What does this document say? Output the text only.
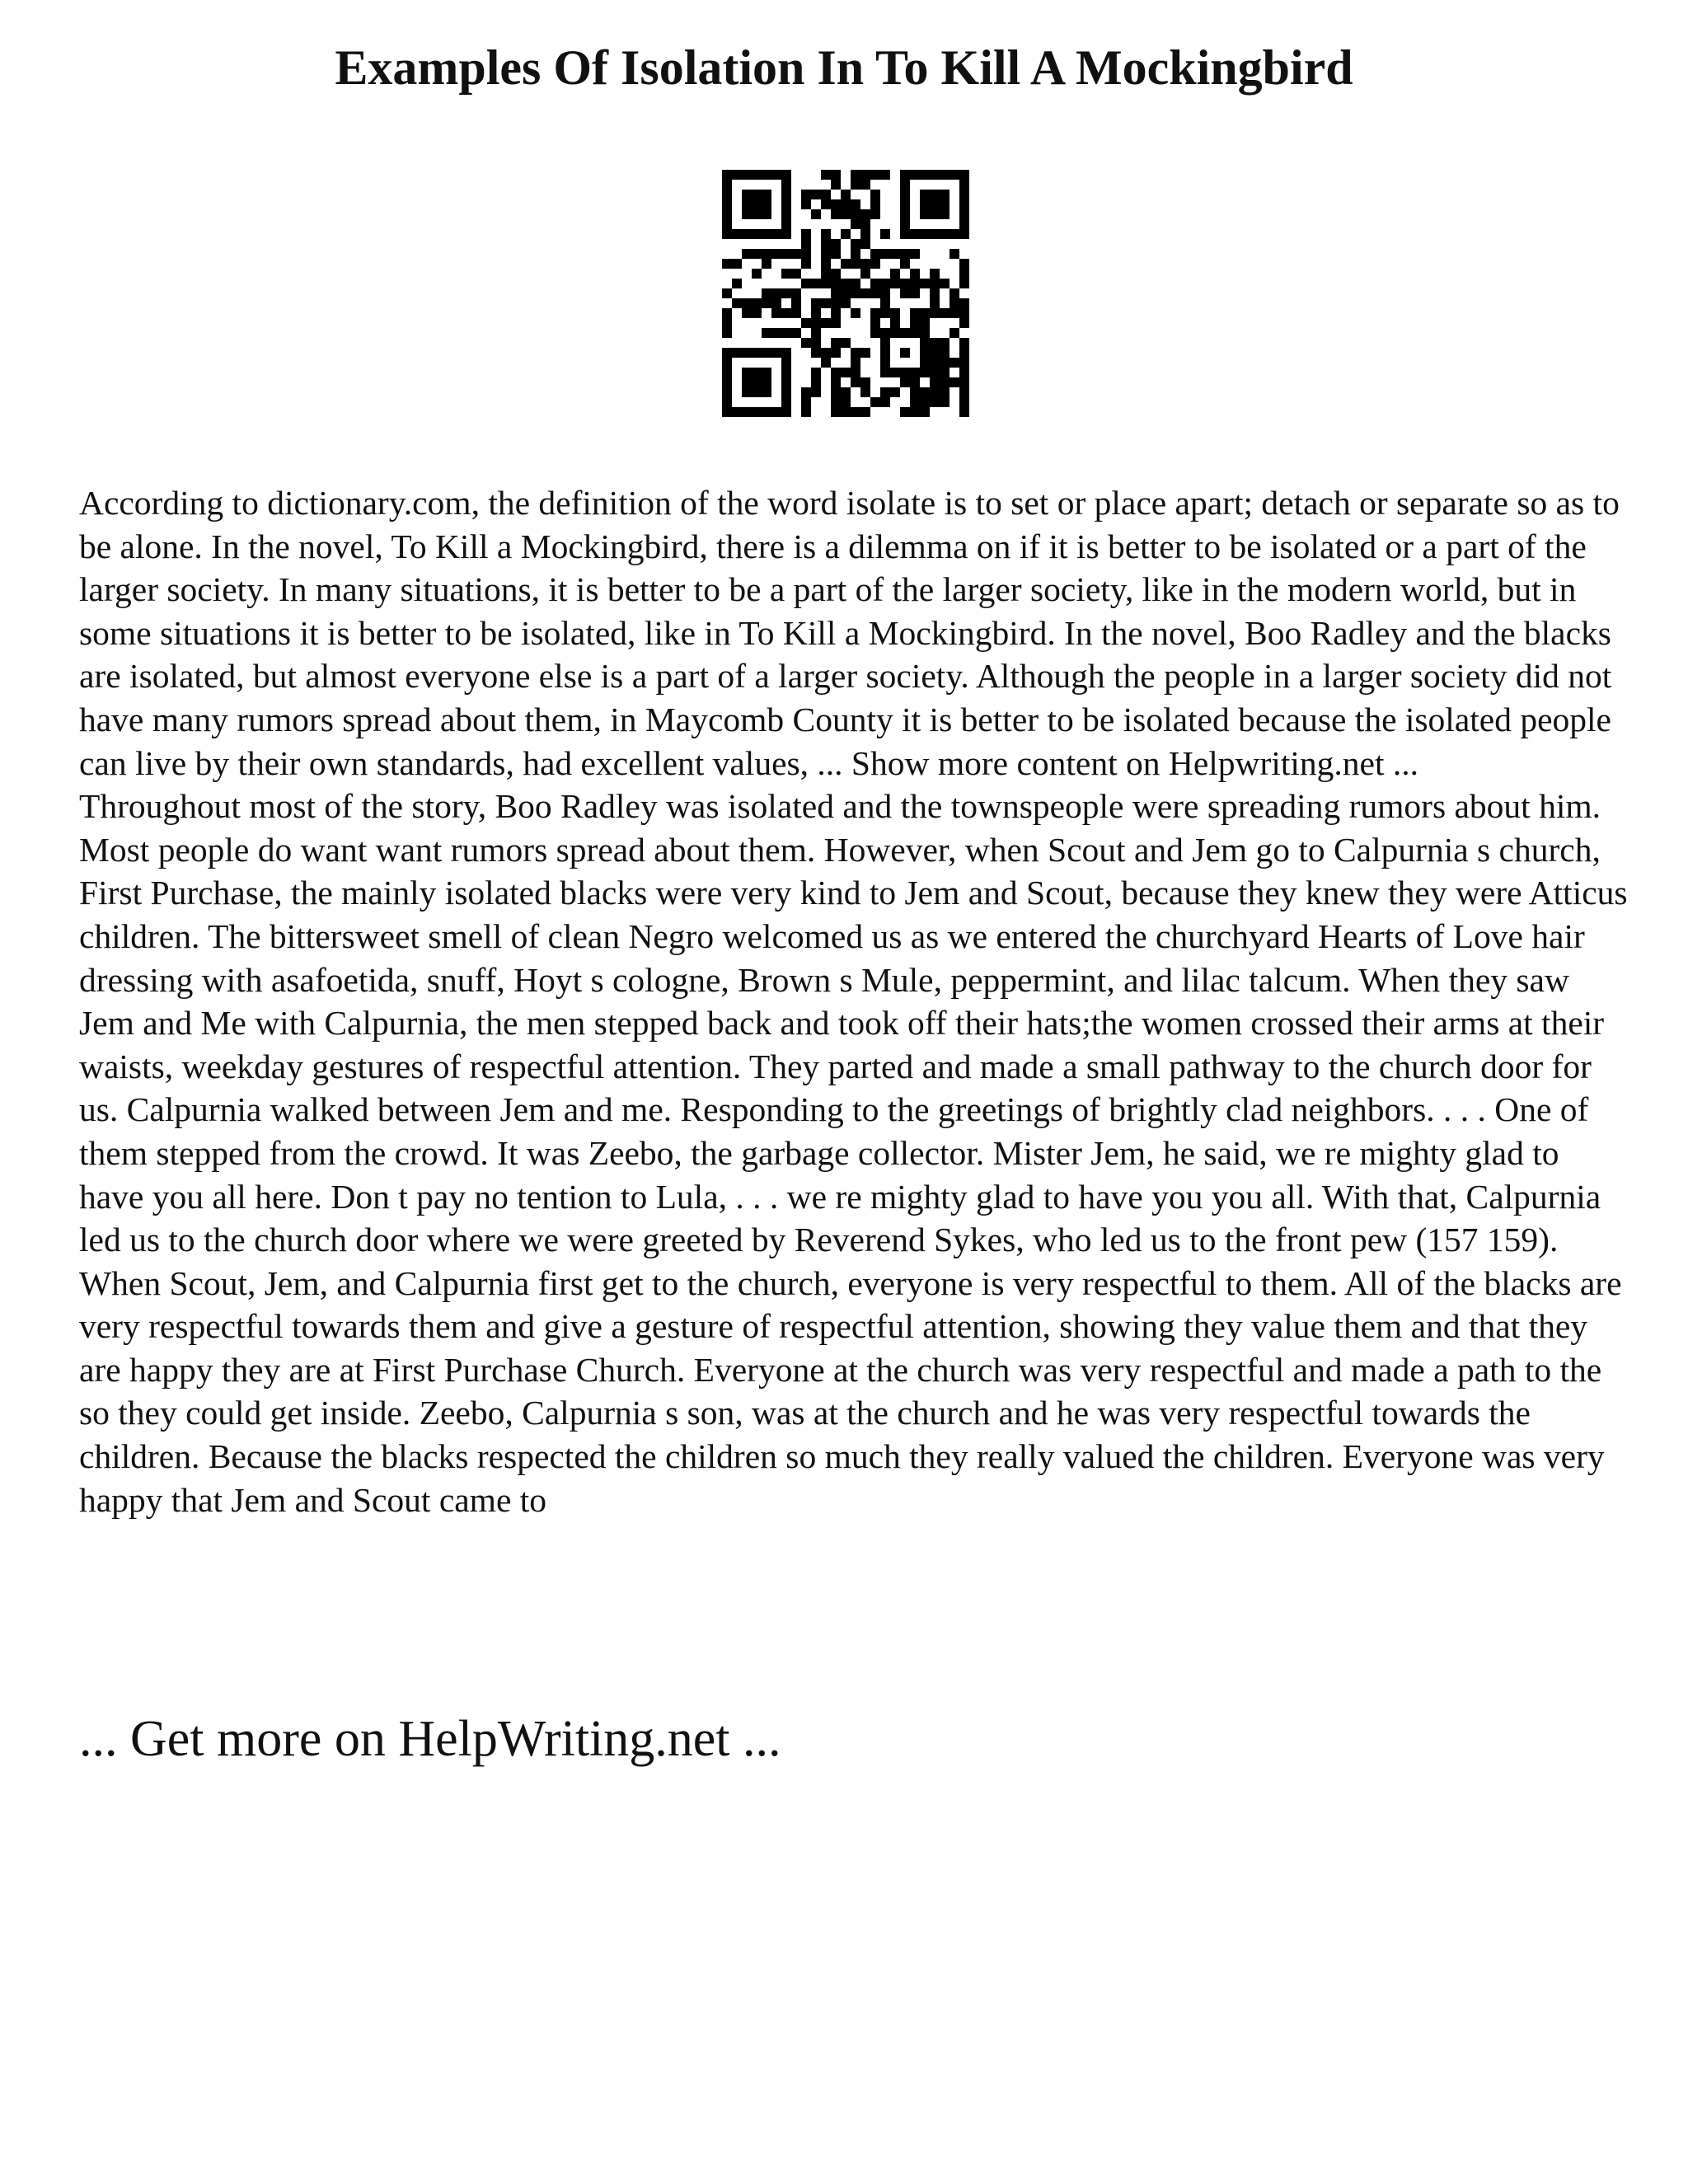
Examples Of Isolation In To Kill A Mockingbird

According to dictionary.com, the definition of the word isolate is to set or place apart; detach or separate so as to be alone. In the novel, To Kill a Mockingbird, there is a dilemma on if it is better to be isolated or a part of the larger society. In many situations, it is better to be a part of the larger society, like in the modern world, but in some situations it is better to be isolated, like in To Kill a Mockingbird. In the novel, Boo Radley and the blacks are isolated, but almost everyone else is a part of a larger society. Although the people in a larger society did not have many rumors spread about them, in Maycomb County it is better to be isolated because the isolated people can live by their own standards, had excellent values, ... Show more content on Helpwriting.net ...

Throughout most of the story, Boo Radley was isolated and the townspeople were spreading rumors about him. Most people do want want rumors spread about them. However, when Scout and Jem go to Calpurnia s church, First Purchase, the mainly isolated blacks were very kind to Jem and Scout, because they knew they were Atticus children. The bittersweet smell of clean Negro welcomed us as we entered the churchyard Hearts of Love hair dressing with asafoetida, snuff, Hoyt s cologne, Brown s Mule, peppermint, and lilac talcum. When they saw Jem and Me with Calpurnia, the men stepped back and took off their hats;the women crossed their arms at their waists, weekday gestures of respectful attention. They parted and made a small pathway to the church door for us. Calpurnia walked between Jem and me. Responding to the greetings of brightly clad neighbors. . . . One of them stepped from the crowd. It was Zeebo, the garbage collector. Mister Jem, he said, we re mighty glad to have you all here. Don t pay no tention to Lula, . . . we re mighty glad to have you you all. With that, Calpurnia led us to the church door where we were greeted by Reverend Sykes, who led us to the front pew (157 159). When Scout, Jem, and Calpurnia first get to the church, everyone is very respectful to them. All of the blacks are very respectful towards them and give a gesture of respectful attention, showing they value them and that they are happy they are at First Purchase Church. Everyone at the church was very respectful and made a path to the so they could get inside. Zeebo, Calpurnia s son, was at the church and he was very respectful towards the children. Because the blacks respected the children so much they really valued the children. Everyone was very happy that Jem and Scout came to

... Get more on HelpWriting.net ...
